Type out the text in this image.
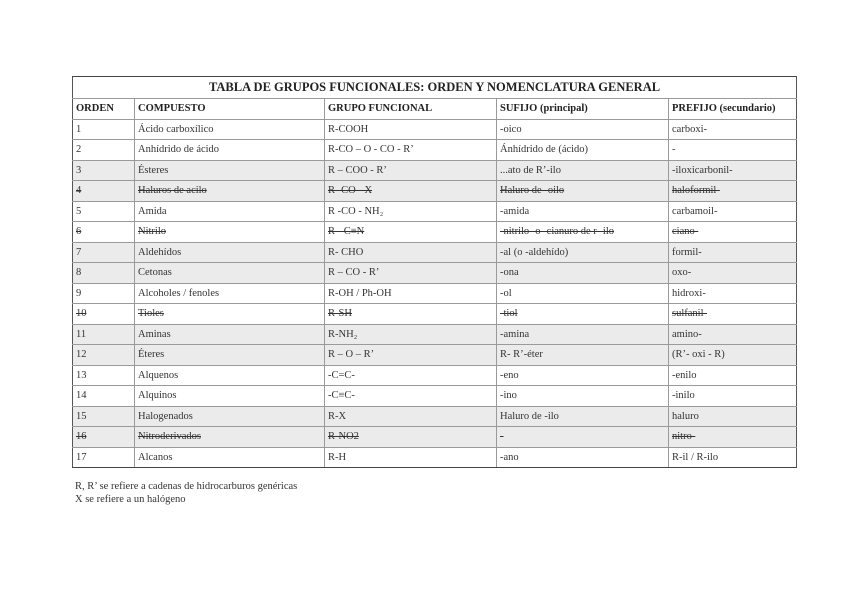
TABLA DE GRUPOS FUNCIONALES: ORDEN Y NOMENCLATURA GENERAL				
ORDEN	COMPUESTO	GRUPO FUNCIONAL	SUFIJO (principal)	PREFIJO (secundario)
1	Ácido carboxílico	R-COOH	-oico	carboxi-
2	Anhídrido de ácido	R-CO – O - CO - R’	Ánhídrido de (ácido)	-
3	Ésteres	R – COO - R’	...ato de R’-ilo	-iloxicarbonil-
4	Haluros de acilo	R- CO - X	Haluro de -oilo	haloformil-
5	Amida	R -CO - NH₂	-amida	carbamoil-
6	Nitrilo	R - C≡N	-nitrilo -o- cianuro de r -ilo	ciano-
7	Aldehídos	R- CHO	-al (o -aldehído)	formil-
8	Cetonas	R – CO - R’	-ona	oxo-
9	Alcoholes / fenoles	R-OH / Ph-OH	-ol	hidroxi-
10	Tioles	R-SH	-tiol	sulfanil-
11	Aminas	R-NH₂	-amina	amino-
12	Éteres	R – O – R’	R- R’-éter	(R’- oxi - R)
13	Alquenos	-C=C-	-eno	-enilo
14	Alquinos	-C≡C-	-ino	-inilo
15	Halogenados	R-X	Haluro de -ilo	haluro
16	Nitroderivados	R-NO2	-	nitro-
17	Alcanos	R-H	-ano	R-il / R-ilo
R, R’ se refiere a cadenas de hidrocarburos genéricas
X se refiere a un halógeno
